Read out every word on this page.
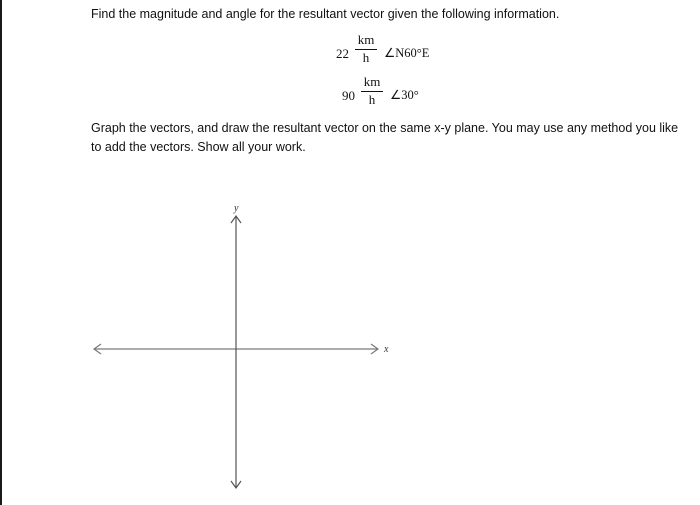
Find the magnitude and angle for the resultant vector given the following information.
22
km
h	∠N60°E
90
km
h	∠30°
Graph the vectors, and draw the resultant vector on the same x-y plane. You may use any method you like to add the vectors. Show all your work.
y
x
